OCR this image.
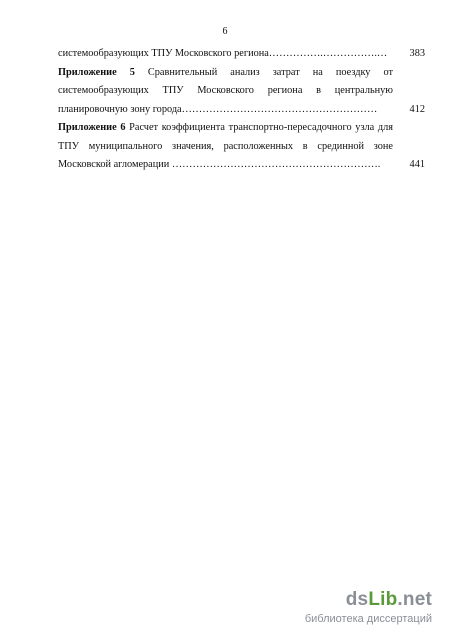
6
системообразующих ТПУ Московского региона…………….…………….…	383
Приложение 5 Сравнительный анализ затрат на поездку от
системообразующих ТПУ Московского региона в центральную
планировочную зону города…………………………………………………	412
Приложение 6 Расчет коэффициента транспортно-пересадочного узла для
ТПУ муниципального значения, расположенных в срединной зоне
Московской агломерации …………………………………………………….	441
dsLib.net
библиотека диссертаций
